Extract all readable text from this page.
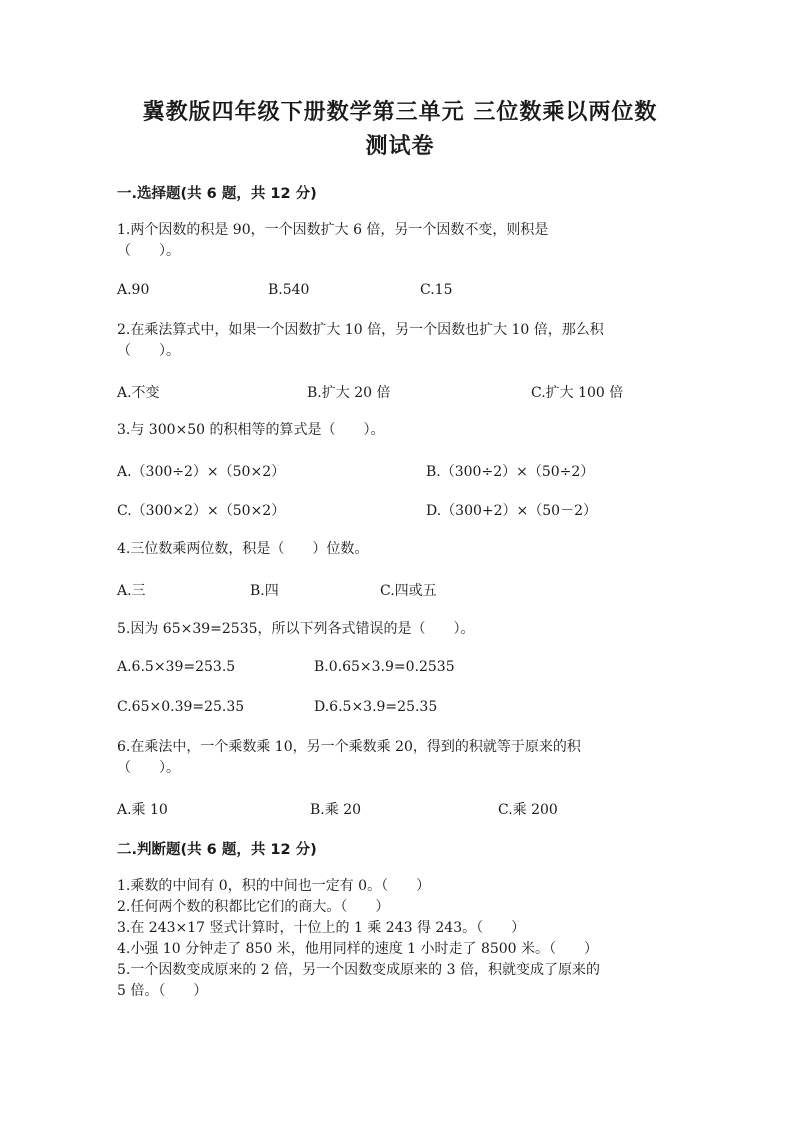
冀教版四年级下册数学第三单元 三位数乘以两位数
测试卷
一.选择题(共 6 题，共 12 分)
1.两个因数的积是 90，一个因数扩大 6 倍，另一个因数不变，则积是
（　　）。
A.90	B.540	C.15
2.在乘法算式中，如果一个因数扩大 10 倍，另一个因数也扩大 10 倍，那么积
（　　）。
A.不变	B.扩大 20 倍	C.扩大 100 倍
3.与 300×50 的积相等的算式是（　　）。
A.（300÷2）×（50×2）	B.（300÷2）×（50÷2）
C.（300×2）×（50×2）	D.（300+2）×（50－2）
4.三位数乘两位数，积是（　　）位数。
A.三	B.四	C.四或五
5.因为 65×39=2535，所以下列各式错误的是（　　）。
A.6.5×39=253.5	B.0.65×3.9=0.2535
C.65×0.39=25.35	D.6.5×3.9=25.35
6.在乘法中，一个乘数乘 10，另一个乘数乘 20，得到的积就等于原来的积
（　　）。
A.乘 10	B.乘 20	C.乘 200
二.判断题(共 6 题，共 12 分)
1.乘数的中间有 0，积的中间也一定有 0。（　　）
2.任何两个数的积都比它们的商大。（　　）
3.在 243×17 竖式计算时，十位上的 1 乘 243 得 243。（　　）
4.小强 10 分钟走了 850 米，他用同样的速度 1 小时走了 8500 米。（　　）
5.一个因数变成原来的 2 倍，另一个因数变成原来的 3 倍，积就变成了原来的
5 倍。（　　）
